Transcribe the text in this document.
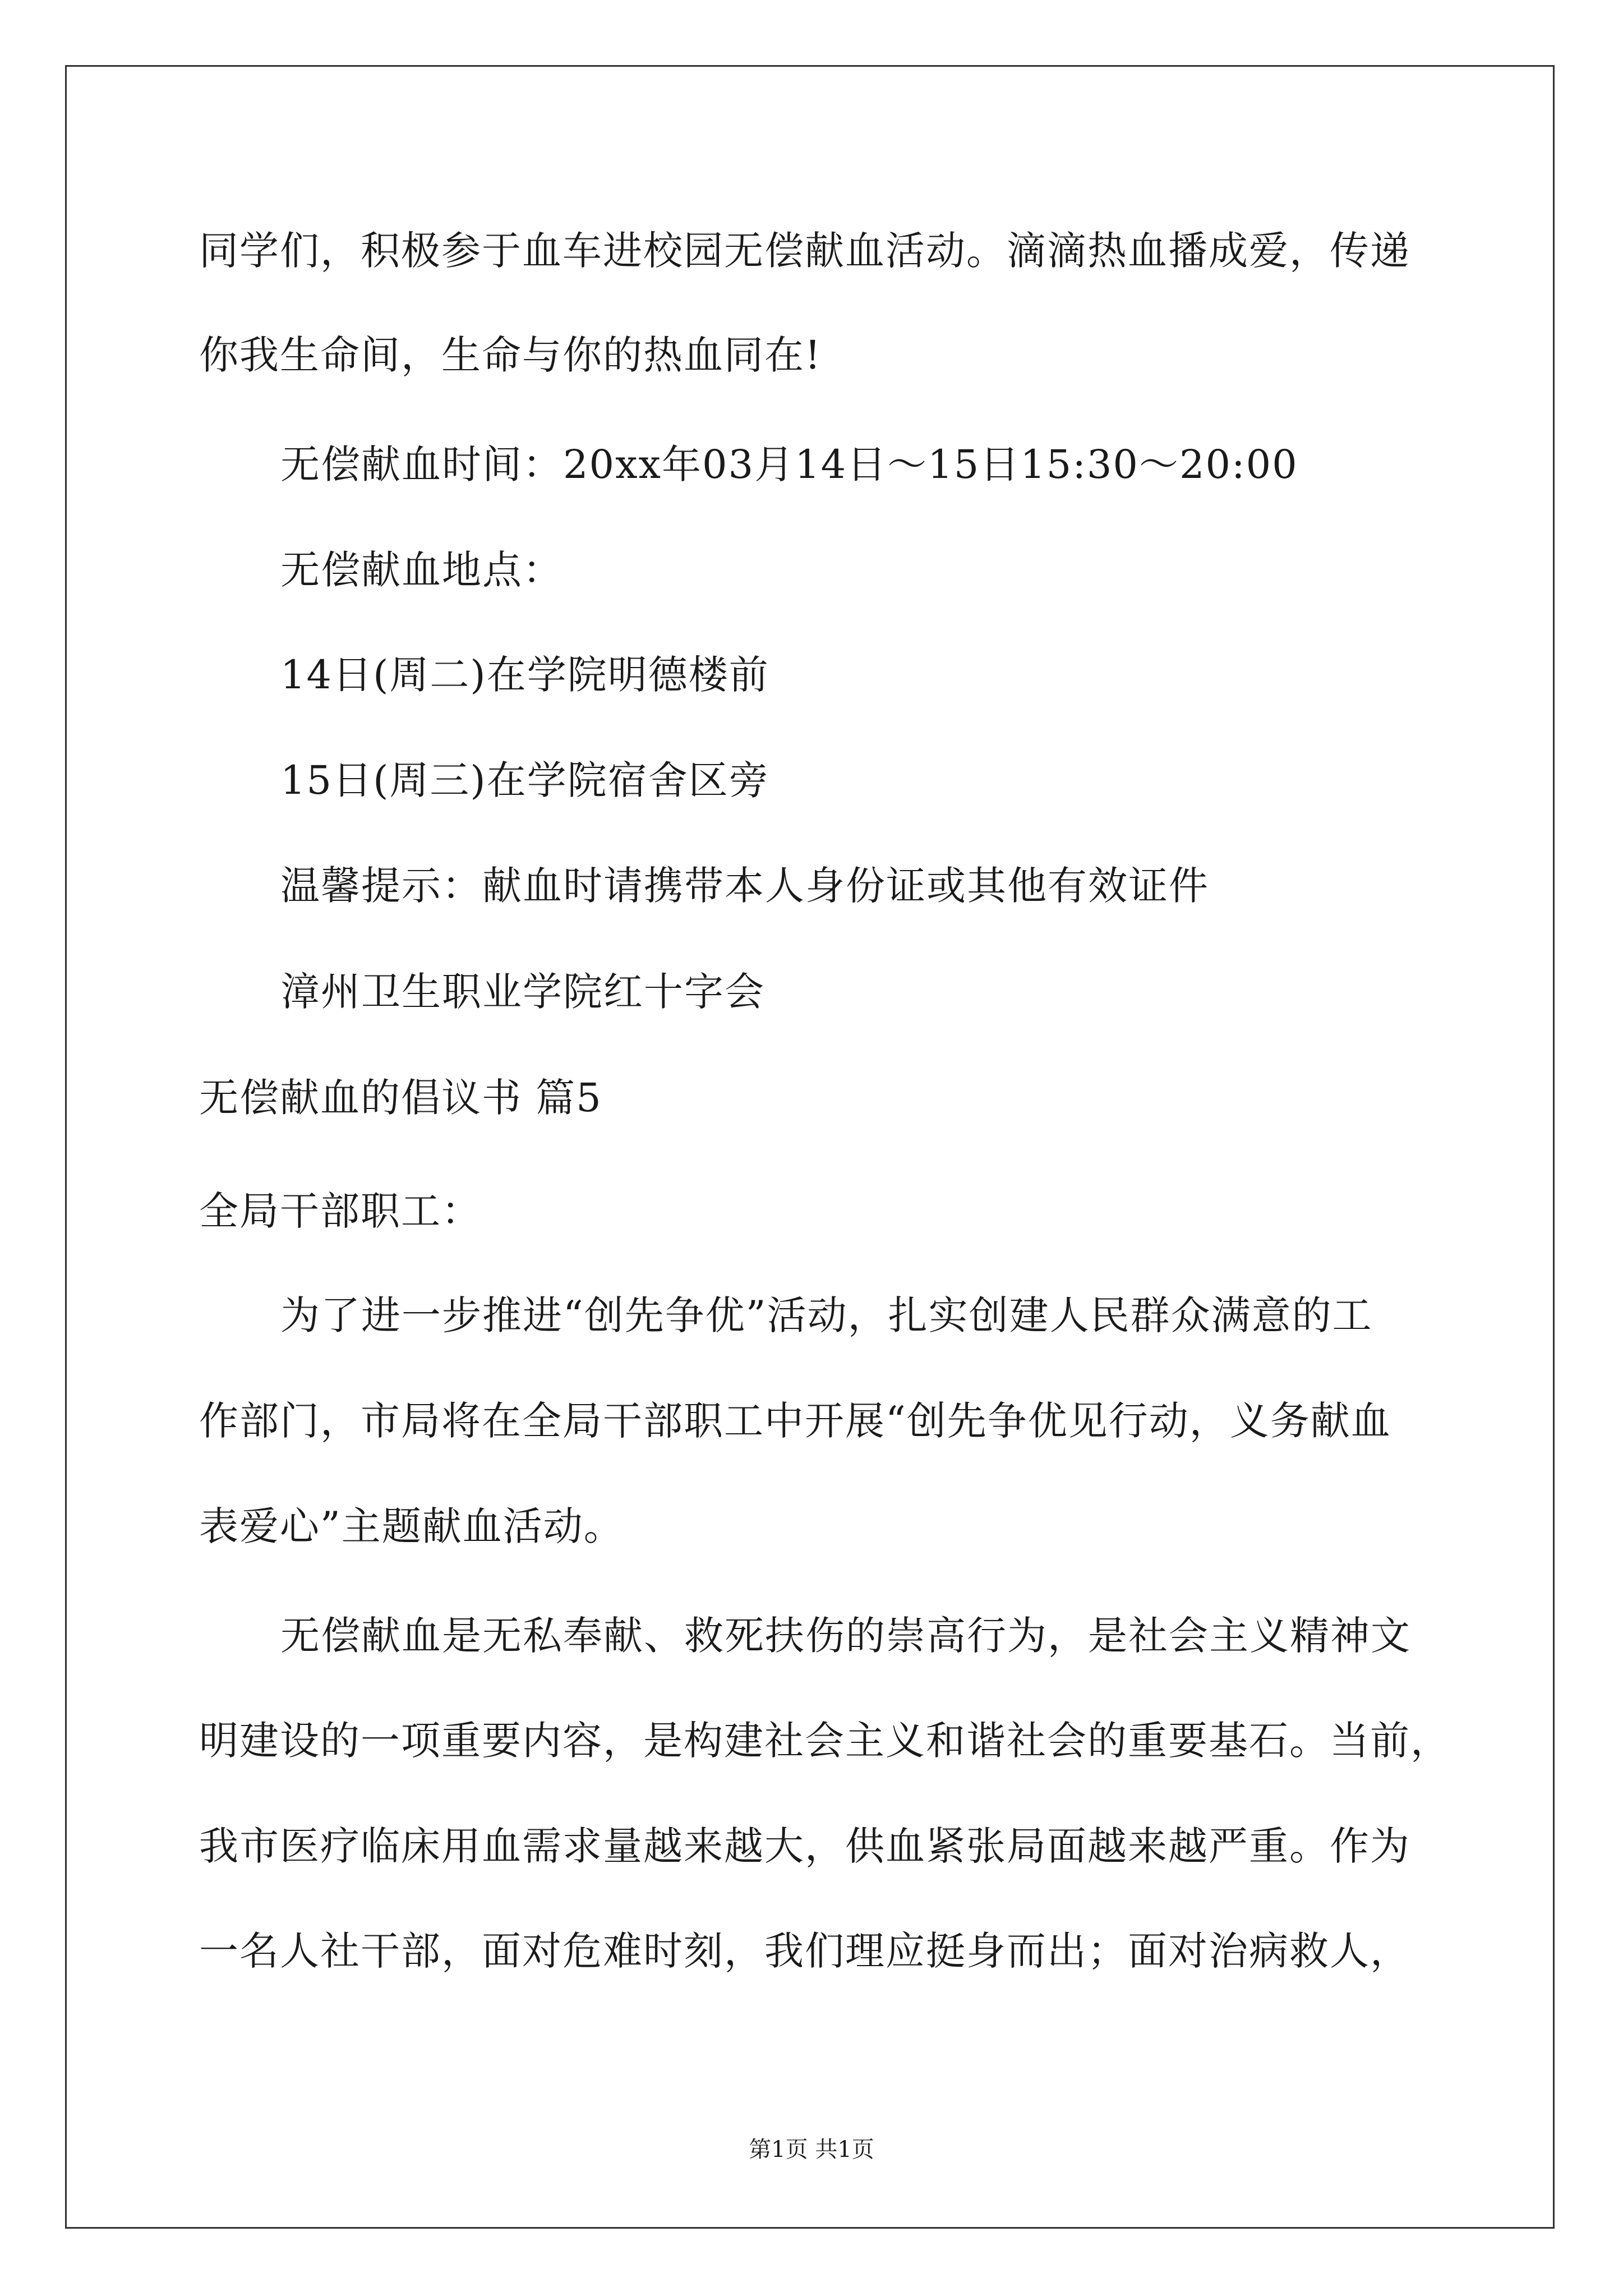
同学们，积极参于血车进校园无偿献血活动。滴滴热血播成爱，传递
你我生命间，生命与你的热血同在!
无偿献血时间：20xx年03月14日～15日15:30～20:00
无偿献血地点：
14日(周二)在学院明德楼前
15日(周三)在学院宿舍区旁
温馨提示：献血时请携带本人身份证或其他有效证件
漳州卫生职业学院红十字会
无偿献血的倡议书 篇5
全局干部职工：
为了进一步推进“创先争优”活动，扎实创建人民群众满意的工
作部门，市局将在全局干部职工中开展“创先争优见行动，义务献血
表爱心”主题献血活动。
无偿献血是无私奉献、救死扶伤的崇高行为，是社会主义精神文
明建设的一项重要内容，是构建社会主义和谐社会的重要基石。当前，
我市医疗临床用血需求量越来越大，供血紧张局面越来越严重。作为
一名人社干部，面对危难时刻，我们理应挺身而出；面对治病救人，
第1页 共1页
